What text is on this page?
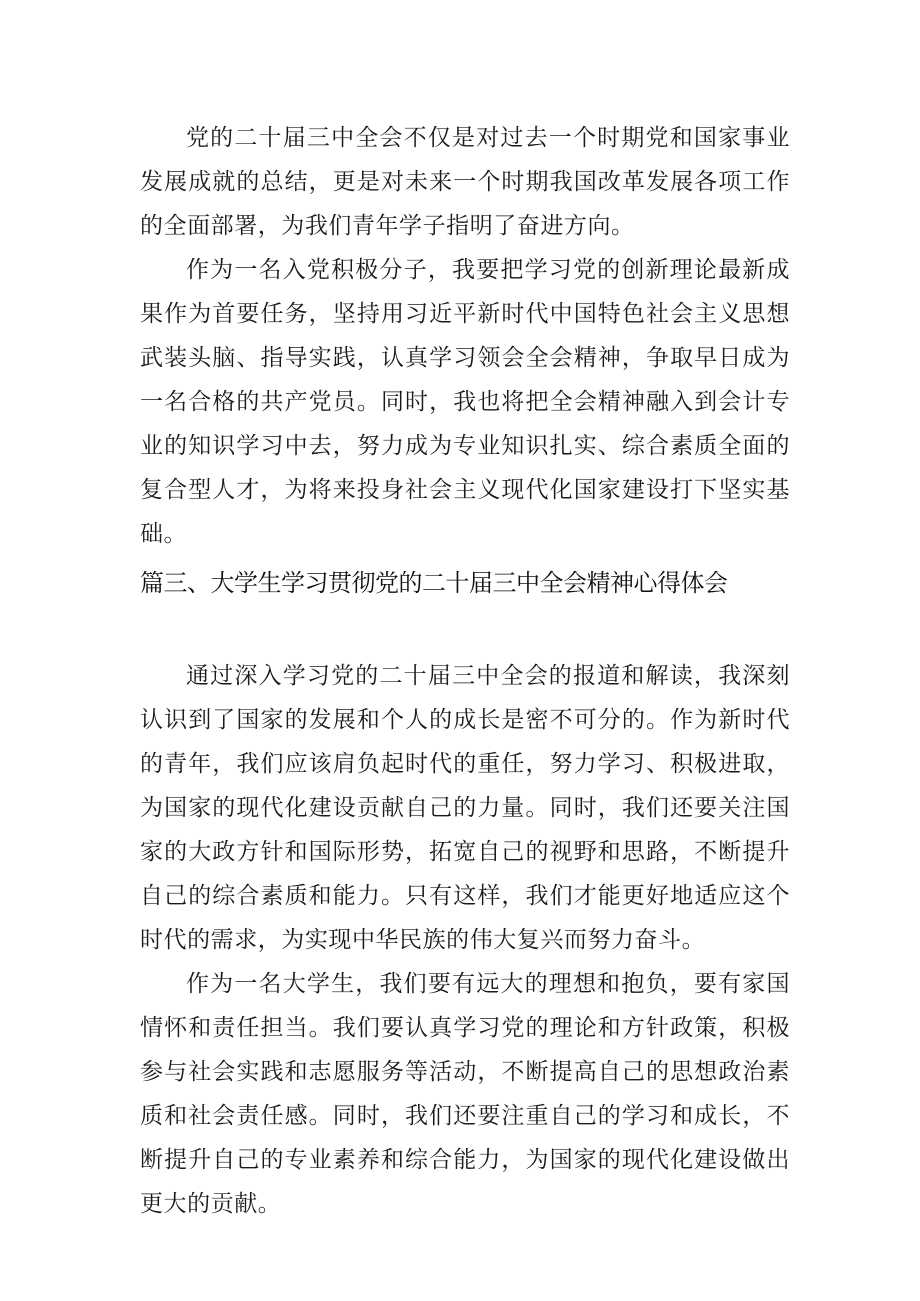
党的二十届三中全会不仅是对过去一个时期党和国家事业发展成就的总结，更是对未来一个时期我国改革发展各项工作的全面部署，为我们青年学子指明了奋进方向。

作为一名入党积极分子，我要把学习党的创新理论最新成果作为首要任务，坚持用习近平新时代中国特色社会主义思想武装头脑、指导实践，认真学习领会全会精神，争取早日成为一名合格的共产党员。同时，我也将把全会精神融入到会计专业的知识学习中去，努力成为专业知识扎实、综合素质全面的复合型人才，为将来投身社会主义现代化国家建设打下坚实基础。

篇三、大学生学习贯彻党的二十届三中全会精神心得体会

通过深入学习党的二十届三中全会的报道和解读，我深刻认识到了国家的发展和个人的成长是密不可分的。作为新时代的青年，我们应该肩负起时代的重任，努力学习、积极进取，为国家的现代化建设贡献自己的力量。同时，我们还要关注国家的大政方针和国际形势，拓宽自己的视野和思路，不断提升自己的综合素质和能力。只有这样，我们才能更好地适应这个时代的需求，为实现中华民族的伟大复兴而努力奋斗。

作为一名大学生，我们要有远大的理想和抱负，要有家国情怀和责任担当。我们要认真学习党的理论和方针政策，积极参与社会实践和志愿服务等活动，不断提高自己的思想政治素质和社会责任感。同时，我们还要注重自己的学习和成长，不断提升自己的专业素养和综合能力，为国家的现代化建设做出更大的贡献。
